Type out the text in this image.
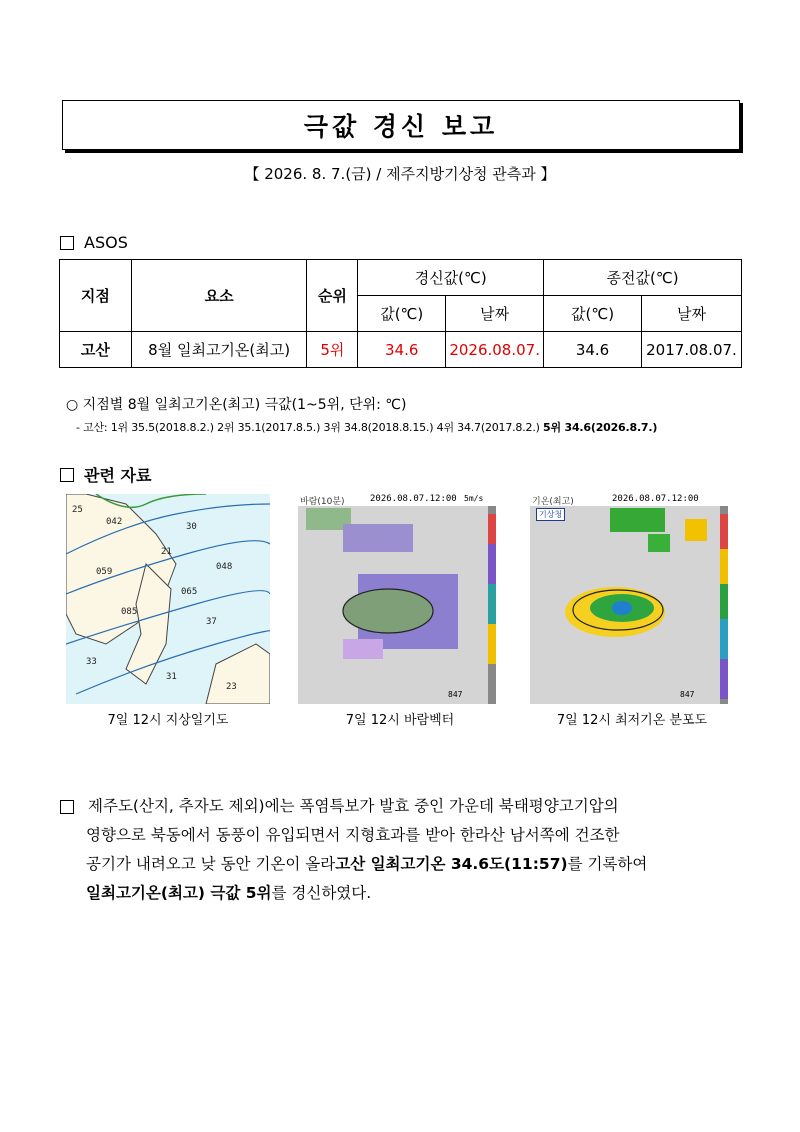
극값 경신 보고
【 2026. 8. 7.(금) / 제주지방기상청 관측과 】
ASOS
지점	요소	순위	경신값(℃)		종전값(℃)	
			값(℃)	날짜	값(℃)	날짜
고산	8월 일최고기온(최고)	5위	34.6	2026.08.07.	34.6	2017.08.07.
○ 지점별 8월 일최고기온(최고) 극값(1~5위, 단위: ℃)
- 고산: 1위 35.5(2018.8.2.) 2위 35.1(2017.8.5.) 3위 34.8(2018.8.15.) 4위 34.7(2017.8.2.) 5위 34.6(2026.8.7.)
관련 자료
25
042	30
21
059	048
065
085
37
33
31
23
847
바람(10분)	2026.08.07.12:00 5m/s
847
기온(최고)	2026.08.07.12:00
기상청
7일 12시 지상일기도	7일 12시 바람벡터	7일 12시 최저기온 분포도
제주도(산지, 추자도 제외)에는 폭염특보가 발효 중인 가운데 북태평양고기압의
영향으로 북동에서 동풍이 유입되면서 지형효과를 받아 한라산 남서쪽에 건조한
공기가 내려오고 낮 동안 기온이 올라 고산 일최고기온 34.6도(11:57) 를 기록하여
일최고기온(최고) 극값 5위 를 경신하였다.
